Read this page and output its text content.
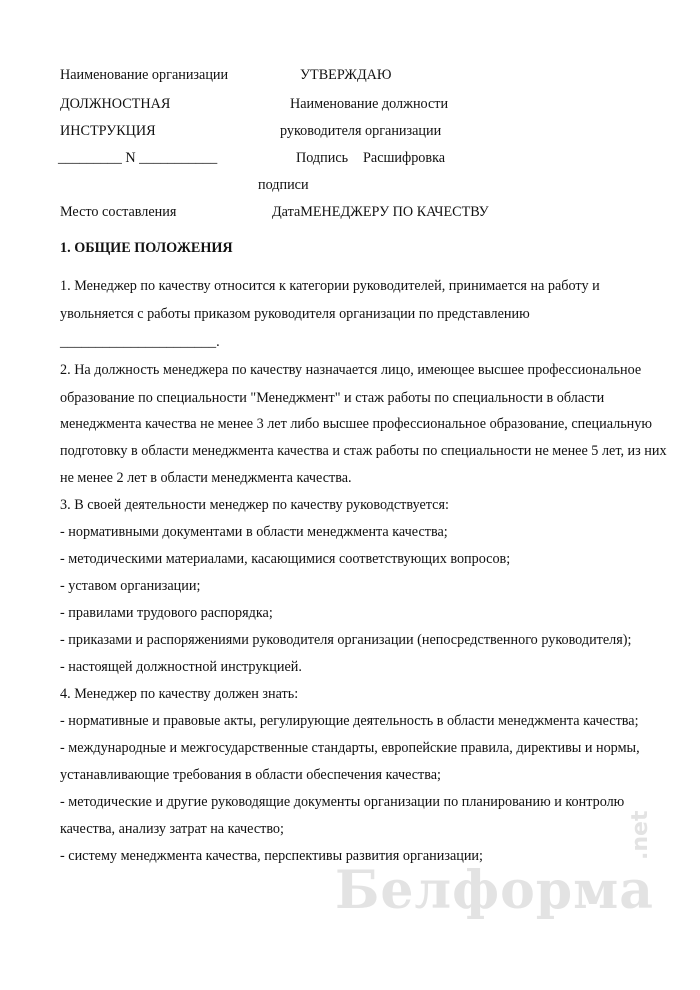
Наименование организации	УТВЕРЖДАЮ
ДОЛЖНОСТНАЯ	Наименование должности
ИНСТРУКЦИЯ	руководителя организации
_________ N ___________	Подпись Расшифровка
подписи
Место составления	ДатаМЕНЕДЖЕРУ ПО КАЧЕСТВУ
1. ОБЩИЕ ПОЛОЖЕНИЯ
1. Менеджер по качеству относится к категории руководителей, принимается на работу и
увольняется с работы приказом руководителя организации по представлению
______________________.
2. На должность менеджера по качеству назначается лицо, имеющее высшее профессиональное
образование по специальности "Менеджмент" и стаж работы по специальности в области
менеджмента качества не менее 3 лет либо высшее профессиональное образование, специальную
подготовку в области менеджмента качества и стаж работы по специальности не менее 5 лет, из них
не менее 2 лет в области менеджмента качества.
3. В своей деятельности менеджер по качеству руководствуется:
- нормативными документами в области менеджмента качества;
- методическими материалами, касающимися соответствующих вопросов;
- уставом организации;
- правилами трудового распорядка;
- приказами и распоряжениями руководителя организации (непосредственного руководителя);
- настоящей должностной инструкцией.
4. Менеджер по качеству должен знать:
- нормативные и правовые акты, регулирующие деятельность в области менеджмента качества;
- международные и межгосударственные стандарты, европейские правила, директивы и нормы,
устанавливающие требования в области обеспечения качества;
- методические и другие руководящие документы организации по планированию и контролю
качества, анализу затрат на качество;
- систему менеджмента качества, перспективы развития организации;
Белформа
.net
